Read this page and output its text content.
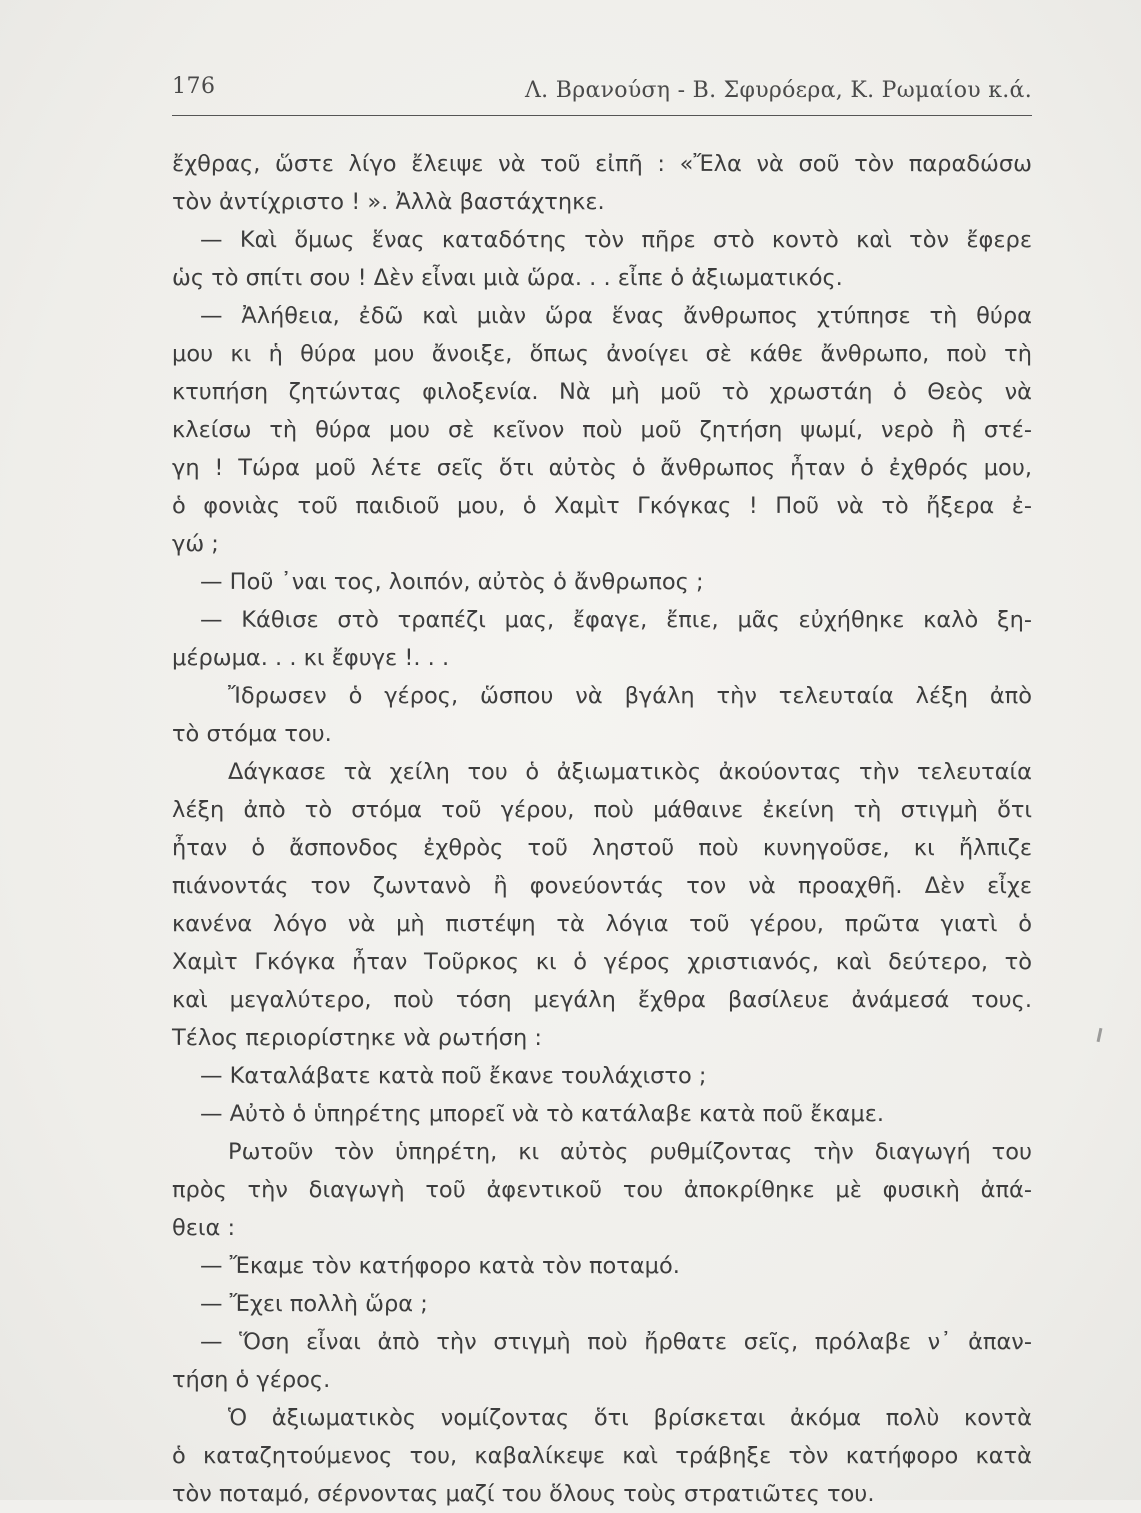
176	Λ. Βρανούση - Β. Σφυρόερα, Κ. Ρωμαίου κ.ά.
ἔχθρας, ὥστε λίγο ἔλειψε νὰ τοῦ εἰπῆ : «Ἔλα νὰ σοῦ τὸν παραδώσω
τὸν ἀντίχριστο ! ». Ἀλλὰ βαστάχτηκε.
— Καὶ ὅμως ἕνας καταδότης τὸν πῆρε στὸ κοντὸ καὶ τὸν ἔφερε
ὡς τὸ σπίτι σου ! Δὲν εἶναι μιὰ ὥρα. . . εἶπε ὁ ἀξιωματικός.
— Ἀλήθεια, ἐδῶ καὶ μιὰν ὥρα ἕνας ἄνθρωπος χτύπησε τὴ θύρα
μου κι ἡ θύρα μου ἄνοιξε, ὅπως ἀνοίγει σὲ κάθε ἄνθρωπο, ποὺ τὴ
κτυπήση ζητώντας φιλοξενία. Νὰ μὴ μοῦ τὸ χρωστάη ὁ Θεὸς νὰ
κλείσω τὴ θύρα μου σὲ κεῖνον ποὺ μοῦ ζητήση ψωμί, νερὸ ἢ στέ-
γη ! Τώρα μοῦ λέτε σεῖς ὅτι αὐτὸς ὁ ἄνθρωπος ἦταν ὁ ἐχθρός μου,
ὁ φονιὰς τοῦ παιδιοῦ μου, ὁ Χαμὶτ Γκόγκας ! Ποῦ νὰ τὸ ἤξερα ἐ-
γώ ;
— Ποῦ ᾽ναι τος, λοιπόν, αὐτὸς ὁ ἄνθρωπος ;
— Κάθισε στὸ τραπέζι μας, ἔφαγε, ἔπιε, μᾶς εὐχήθηκε καλὸ ξη-
μέρωμα. . . κι ἔφυγε !. . .
Ἴδρωσεν ὁ γέρος, ὥσπου νὰ βγάλη τὴν τελευταία λέξη ἀπὸ
τὸ στόμα του.
Δάγκασε τὰ χείλη του ὁ ἀξιωματικὸς ἀκούοντας τὴν τελευταία
λέξη ἀπὸ τὸ στόμα τοῦ γέρου, ποὺ μάθαινε ἐκείνη τὴ στιγμὴ ὅτι
ἦταν ὁ ἄσπονδος ἐχθρὸς τοῦ ληστοῦ ποὺ κυνηγοῦσε, κι ἤλπιζε
πιάνοντάς τον ζωντανὸ ἢ φονεύοντάς τον νὰ προαχθῆ. Δὲν εἶχε
κανένα λόγο νὰ μὴ πιστέψη τὰ λόγια τοῦ γέρου, πρῶτα γιατὶ ὁ
Χαμὶτ Γκόγκα ἦταν Τοῦρκος κι ὁ γέρος χριστιανός, καὶ δεύτερο, τὸ
καὶ μεγαλύτερο, ποὺ τόση μεγάλη ἔχθρα βασίλευε ἀνάμεσά τους.
Τέλος περιορίστηκε νὰ ρωτήση :
— Καταλάβατε κατὰ ποῦ ἔκανε τουλάχιστο ;
— Αὐτὸ ὁ ὑπηρέτης μπορεῖ νὰ τὸ κατάλαβε κατὰ ποῦ ἔκαμε.
Ρωτοῦν τὸν ὑπηρέτη, κι αὐτὸς ρυθμίζοντας τὴν διαγωγή του
πρὸς τὴν διαγωγὴ τοῦ ἀφεντικοῦ του ἀποκρίθηκε μὲ φυσικὴ ἀπά-
θεια :
— Ἔκαμε τὸν κατήφορο κατὰ τὸν ποταμό.
— Ἔχει πολλὴ ὥρα ;
— Ὅση εἶναι ἀπὸ τὴν στιγμὴ ποὺ ἤρθατε σεῖς, πρόλαβε ν᾽ ἀπαν-
τήση ὁ γέρος.
Ὁ ἀξιωματικὸς νομίζοντας ὅτι βρίσκεται ἀκόμα πολὺ κοντὰ
ὁ καταζητούμενος του, καβαλίκεψε καὶ τράβηξε τὸν κατήφορο κατὰ
τὸν ποταμό, σέρνοντας μαζί του ὅλους τοὺς στρατιῶτες του.
